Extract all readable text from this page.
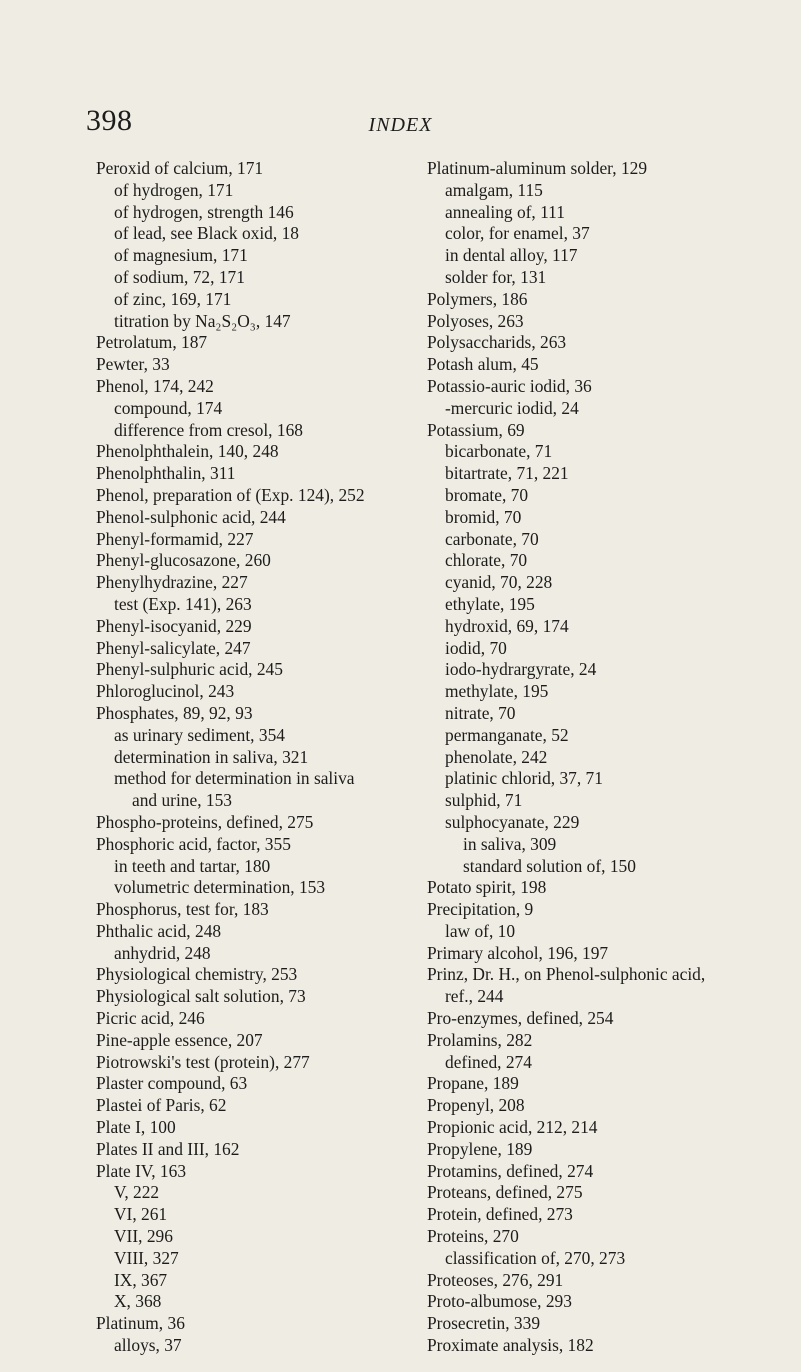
398	INDEX
Peroxid of calcium, 171
of hydrogen, 171
of hydrogen, strength 146
of lead, see Black oxid, 18
of magnesium, 171
of sodium, 72, 171
of zinc, 169, 171
titration by Na₂S₂O₃, 147
Petrolatum, 187
Pewter, 33
Phenol, 174, 242
compound, 174
difference from cresol, 168
Phenolphthalein, 140, 248
Phenolphthalin, 311
Phenol, preparation of (Exp. 124), 252
Phenol-sulphonic acid, 244
Phenyl-formamid, 227
Phenyl-glucosazone, 260
Phenylhydrazine, 227
test (Exp. 141), 263
Phenyl-isocyanid, 229
Phenyl-salicylate, 247
Phenyl-sulphuric acid, 245
Phloroglucinol, 243
Phosphates, 89, 92, 93
as urinary sediment, 354
determination in saliva, 321
method for determination in saliva
and urine, 153
Phospho-proteins, defined, 275
Phosphoric acid, factor, 355
in teeth and tartar, 180
volumetric determination, 153
Phosphorus, test for, 183
Phthalic acid, 248
anhydrid, 248
Physiological chemistry, 253
Physiological salt solution, 73
Picric acid, 246
Pine-apple essence, 207
Piotrowski's test (protein), 277
Plaster compound, 63
Plastei of Paris, 62
Plate I, 100
Plates II and III, 162
Plate IV, 163
V, 222
VI, 261
VII, 296
VIII, 327
IX, 367
X, 368
Platinum, 36
alloys, 37
Platinum-aluminum solder, 129
amalgam, 115
annealing of, 111
color, for enamel, 37
in dental alloy, 117
solder for, 131
Polymers, 186
Polyoses, 263
Polysaccharids, 263
Potash alum, 45
Potassio-auric iodid, 36
-mercuric iodid, 24
Potassium, 69
bicarbonate, 71
bitartrate, 71, 221
bromate, 70
bromid, 70
carbonate, 70
chlorate, 70
cyanid, 70, 228
ethylate, 195
hydroxid, 69, 174
iodid, 70
iodo-hydrargyrate, 24
methylate, 195
nitrate, 70
permanganate, 52
phenolate, 242
platinic chlorid, 37, 71
sulphid, 71
sulphocyanate, 229
in saliva, 309
standard solution of, 150
Potato spirit, 198
Precipitation, 9
law of, 10
Primary alcohol, 196, 197
Prinz, Dr. H., on Phenol-sulphonic acid,
ref., 244
Pro-enzymes, defined, 254
Prolamins, 282
defined, 274
Propane, 189
Propenyl, 208
Propionic acid, 212, 214
Propylene, 189
Protamins, defined, 274
Proteans, defined, 275
Protein, defined, 273
Proteins, 270
classification of, 270, 273
Proteoses, 276, 291
Proto-albumose, 293
Prosecretin, 339
Proximate analysis, 182
